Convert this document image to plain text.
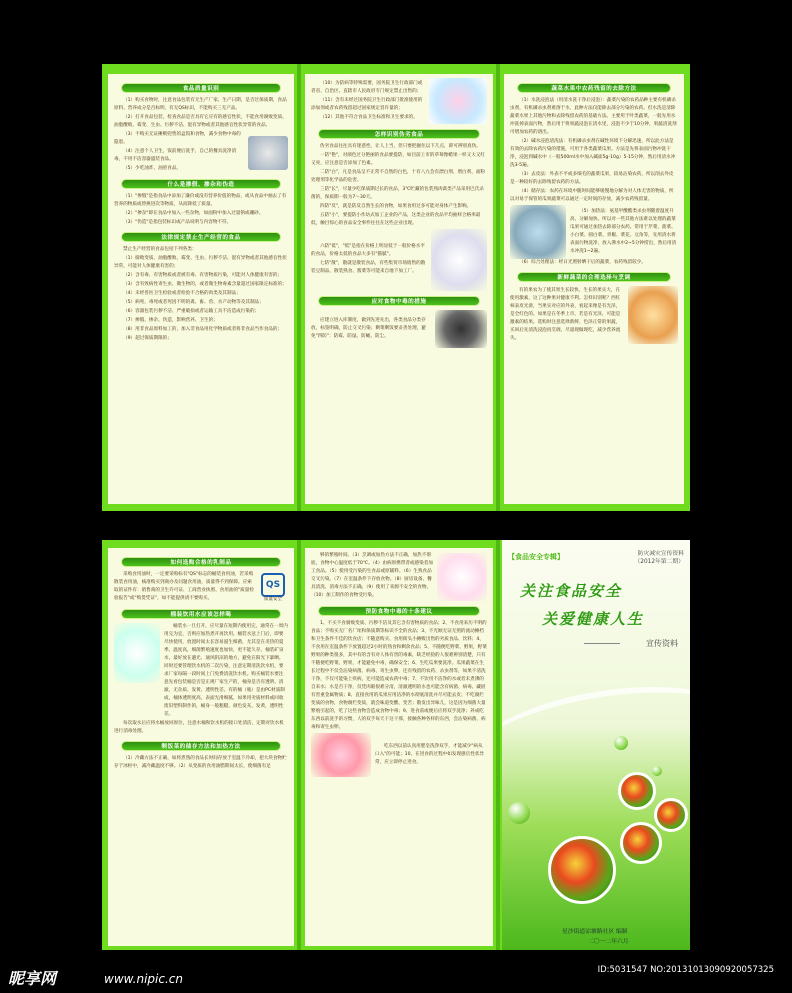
食品质量识别

（1）购买食物时，注意食品包装有无生产厂家、生产日期，是否过保质期，食品原料、营养成分是否标明，有无QS标识，不能购买三无产品。

（2）打开食品包装，检查食品是否具有它应有的感官性状，不能食用腐败变质、油脂酸败、霉变、生虫、污秽不洁、混有异物或者其他感官性状异常的食品。

（3）不购买无证摊贩兜售的盒饭和食物，减少食物中毒的隐患。

（4）注意个人卫生，饭前便后洗手，自己的餐具洗净消毒，不用不洁容器盛装食品。

（5）少吃油炸、油煎食品。

什么是掺假、掺杂和伪造

（1）"掺假"是指食品中添加了廉价或没有营养价值的物品，或从食品中抽去了有营养的物质或替换进次等物质，从而降低了质量。

（2）"掺杂"即在食品中加入一些杂物，如面粉中加入过量钠或硼砂。

（3）"伪造"是指包装标识或产品说明与内容物不符。

法律规定禁止生产经营的食品

禁止生产经营的食品包括下列各类：

（1）腐败变质、油脂酸败、霉变、生虫、污秽不洁、混有异物或者其他感官性状异常，可能对人体健康有害的；

（2）含有毒、有害物质或者被有毒、有害物质污染，可能对人体健康有害的；

（3）含有致病性寄生虫、微生物的，或者微生物毒素含量超过国家限定标准的；

（4）未经兽医卫生检验或者检验不合格的肉类及其制品；

（5）病死、毒死或者死因不明的禽、畜、兽、水产动物等及其制品；

（6）容器包装污秽不洁、严重破损或者运输工具不洁造成污染的；

（7）掺假、掺杂、伪造，影响营养、卫生的；

（8）用非食品原料加工的，加入非食品用化学物质或者将非食品当作食品的；

（9）超过保质期限的；

（10）为防病等特殊需要，国务院卫生行政部门或者省、自治区、直辖市人民政府专门规定禁止出售的；

（11）含有未经过国务院卫生行政部门批准使用的添加剂或者农药残留超过国家规定容许量的；

（12）其他不符合食品卫生标准和卫生要求的。

怎样识别伪劣食品

伪劣食品往往具有迷惑性，让人上当，但只要把握住以下几点，即可辨别真伪。

一防"艳"，对颜色过分艳丽的食品要提防，如目前上市的草莓像蜡果一样又大又红又亮，应注意是否添加了色素。

二防"白"，凡是食品呈不正常不自然的白色，十有八九会有漂白剂、增白剂、面粉处理剂等化学品的危害。

三防"长"，尽量少吃保质期过长的食品，3℃贮藏的包装熟肉禽类产品采用巴氏杀菌的，保质期一般为7～30天。

四防"反"，就是防反自然生长的食物，如果食用过多可能对身体产生影响。

五防"小"，要提防小作坊式加工企业的产品，这类企业的食品平均抽样合格率最低，触目惊心的食品安全事件往往在这些企业出现。

六防"低"，"低"是指在价格上明显低于一般价格水平的食品，价格太低的食品大多有"猫腻"。

七防"散"，散就是散装食品，有些集贸市场销售的散装豆制品、散装熟食、酱菜等可能来自地下加工厂。

应对食物中毒的措施

应建立进入库制度，做到先进先出，各类食品分类存放，标签明确，防止交叉污染；剩菜剩饭要妥善处理，避免"四防"：防霉、防鼠、防蝇、防尘。

蔬菜水果中农药残留的去除方法

（1）水洗浸泡法（用清水洗干净后浸泡）：蔬菜污染的农药品种主要有机磷杀虫剂，有机磷杀虫剂难溶于水，此种方法仅能除去部分污染的农药。但水洗是清除蔬菜水果上其他污物和去除残留农药的基础方法。主要用于叶类蔬菜，一般先用水冲洗掉表面污物，然后用于将果蔬浸泡在清水里，浸泡不少于10分钟，果蔬清洗剂可增加农药的溶出。

（2）碱水浸泡清洗法：有机磷杀虫剂在碱性环境下分解迅速，所以此方法是有效的去除农药污染的措施，可用于各类蔬菜瓜果。方法是先将表面污物冲洗干净，浸泡到碱水中（一般500ml水中加入碱面5g-10g）5-15分钟，然后用清水冲洗3-5遍。

（3）去皮法：外表不平或多细毛的蔬菜瓜果，较易沾染农药，所以削去外皮是一种较好的去除残留农药的方法。

（4）储存法：农药在环境中随时间能够缓慢地分解为对人体无害的物质，所以对易于保管的瓜果蔬菜可以通过一定时间的存放，减少农药残留量。

（5）加热法：氨基甲酸酯类杀虫剂随着温度升高，分解加快。所以对一些其他方法难以处理的蔬菜瓜果可通过加热去除部分农药。常用于芹菜、菠菜、小白菜、圆白菜、青椒、菜花、豆角等，先用清水将表面污物洗净，放入沸水中2~5分钟捞出，然后用清水冲洗1~2遍。

（6）综合处理法：经日光照射晒干后的蔬菜，农药残留较少。

新鲜蔬菜的合理选择与烹调

有的果农为了使其果生长较快，生长的果实大，在使用激素，这了这种果对健康不利。怎样识别呢？西红柿表皮光滑，当果实对应的外表，看起来像是有光泽，是全红色的。如果是在冬季上市，若是有光泽，可能是激素的结果。选购时注意选择新鲜、色泽正常的果蔬，买回后先清洗浸泡再烹调，尽量现做现吃，减少营养流失。

如何选购合格的乳制品

采购食用油时，一定要采购标有"QS"标志的桶装食用油，若采购散装食用油，核准购买到商办及问题食用油，质量得不到保障。应索取的证件有：销售商的卫生许可证、工商营业执照、食用油的"质量检验报告"或"购货凭证"，如不能提供请不要购买。

QS
质量安全
桶装饮用水应该怎样喝

桶装水一旦打开，应尽量在短期内使用完，通常在一周内用完为宜，否则应加热煮开再饮用。桶装水送上门后，即要尽快使用，放置时间太长容易滋生细菌，尤其是在炎热的夏季。温度高，细菌繁殖速度也加快，更不能久存。桶装矿泉水，最好放在避光、通风阴凉的地方，避免在阳光下暴晒。同时还要管理饮水机的二次污染，注意定期清洗饮水机，要求厂家每隔一段时间上门免费清洗饮水机。购买桶装水要注意先看包装桶是否是正规厂家生产的，桶身是否有透明、清澈，无杂质、发黄、透明性差。有的桶（瓶）是由PC材质制成，桶体透明度高，表面光滑细腻，如果用劣质材料或回收废旧塑料制作的，桶身一般粗糙、颜色发灰、发黄，透明性差。

每次取水后应将水桶放回原位，注意水桶和饮水机的接口处清洁，定期对饮水机进行消毒处理。

剩饭菜的储存方法和加热方法

（1）冷藏方法不正确，如将煮熟的食品长时间存放于室温下冷却，把大块食物贮存于冰柜中，减冷藏温度不够。（2）从变质的食用油腊期间太长，使细菌有足

够的繁殖时间。（3）烹调或加热方法不正确，加热不彻底，食物中心温度低于70℃。（4）由病原携带者或感染者加工食品。（5）使用受污染的生食品或原辅料。（6）生熟食品交叉污染。（7）在室温条件下存放食物。（8）厨房设备、餐具清洗、消毒方法不正确。（9）使用了来源不安全的食物。（10）加工制作的食物受污染。

预防食物中毒的十条建议

1、不买不食腐败变质、污秽不洁及其它含有害物质的食品；2、不食用来历不明的食品；不购买无厂名厂址和保质期等标识不全的食品；3、不光顾无证无照的流动摊档和卫生条件不佳的饮食店；不随意购买、食用街头小摊贩出售的劣质食品、饮料；4、不食用在室温条件下放置超过2小时的熟食和剩余食品；5、不随便吃野菜、野果，野菜野果的种类很多，其中有的含有对人体有害的毒素，缺乏经验的人很难辨别清楚，只有不随便吃野菜、野果，才能避免中毒，确保安全；6、生吃瓜果要洗净。瓜果蔬菜在生长过程中不仅会沾染病菌、病毒、寄生虫卵，还有残留的农药、杀虫剂等，如果不清洗干净，不仅可能染上疾病，还可能造成农药中毒；7、不饮用不洁净的水或者未煮沸的自来水；水是否干净，仅凭肉眼很难分清，清澈透明的水也可能含有病菌、病毒、藏匿有害重金属物质；8、直接食用的瓜果应用洁净的水彻底清洗并尽可能去皮；不吃腐烂变质的食物，食物腐烂变质，就会味道变酸、变苦；散发出异味儿，这是因为细菌大量繁殖引起的，吃了这些食物会造成食物中毒；9、进食前或便后应将双手洗净；养成吃东西以前洗手的习惯，人的双手每天干这干那，接触各种各样的东西，会沾染病菌、病毒和寄生虫卵。

吃东西以前认真用肥皂洗净双手，才能减少"病从口入"的可能；10、在进食的过程中如发现感官性状异常，应立即停止进食。

【食品安全专辑】	防灾减灾宣传资料
（2012年第二期）
关注食品安全
关爱健康人生
宣传资料
星沙街道凉塘路社区 编制
二〇一二年六月
昵享网	www.nipic.cn
ID:5031547 NO:20131013090920057325
